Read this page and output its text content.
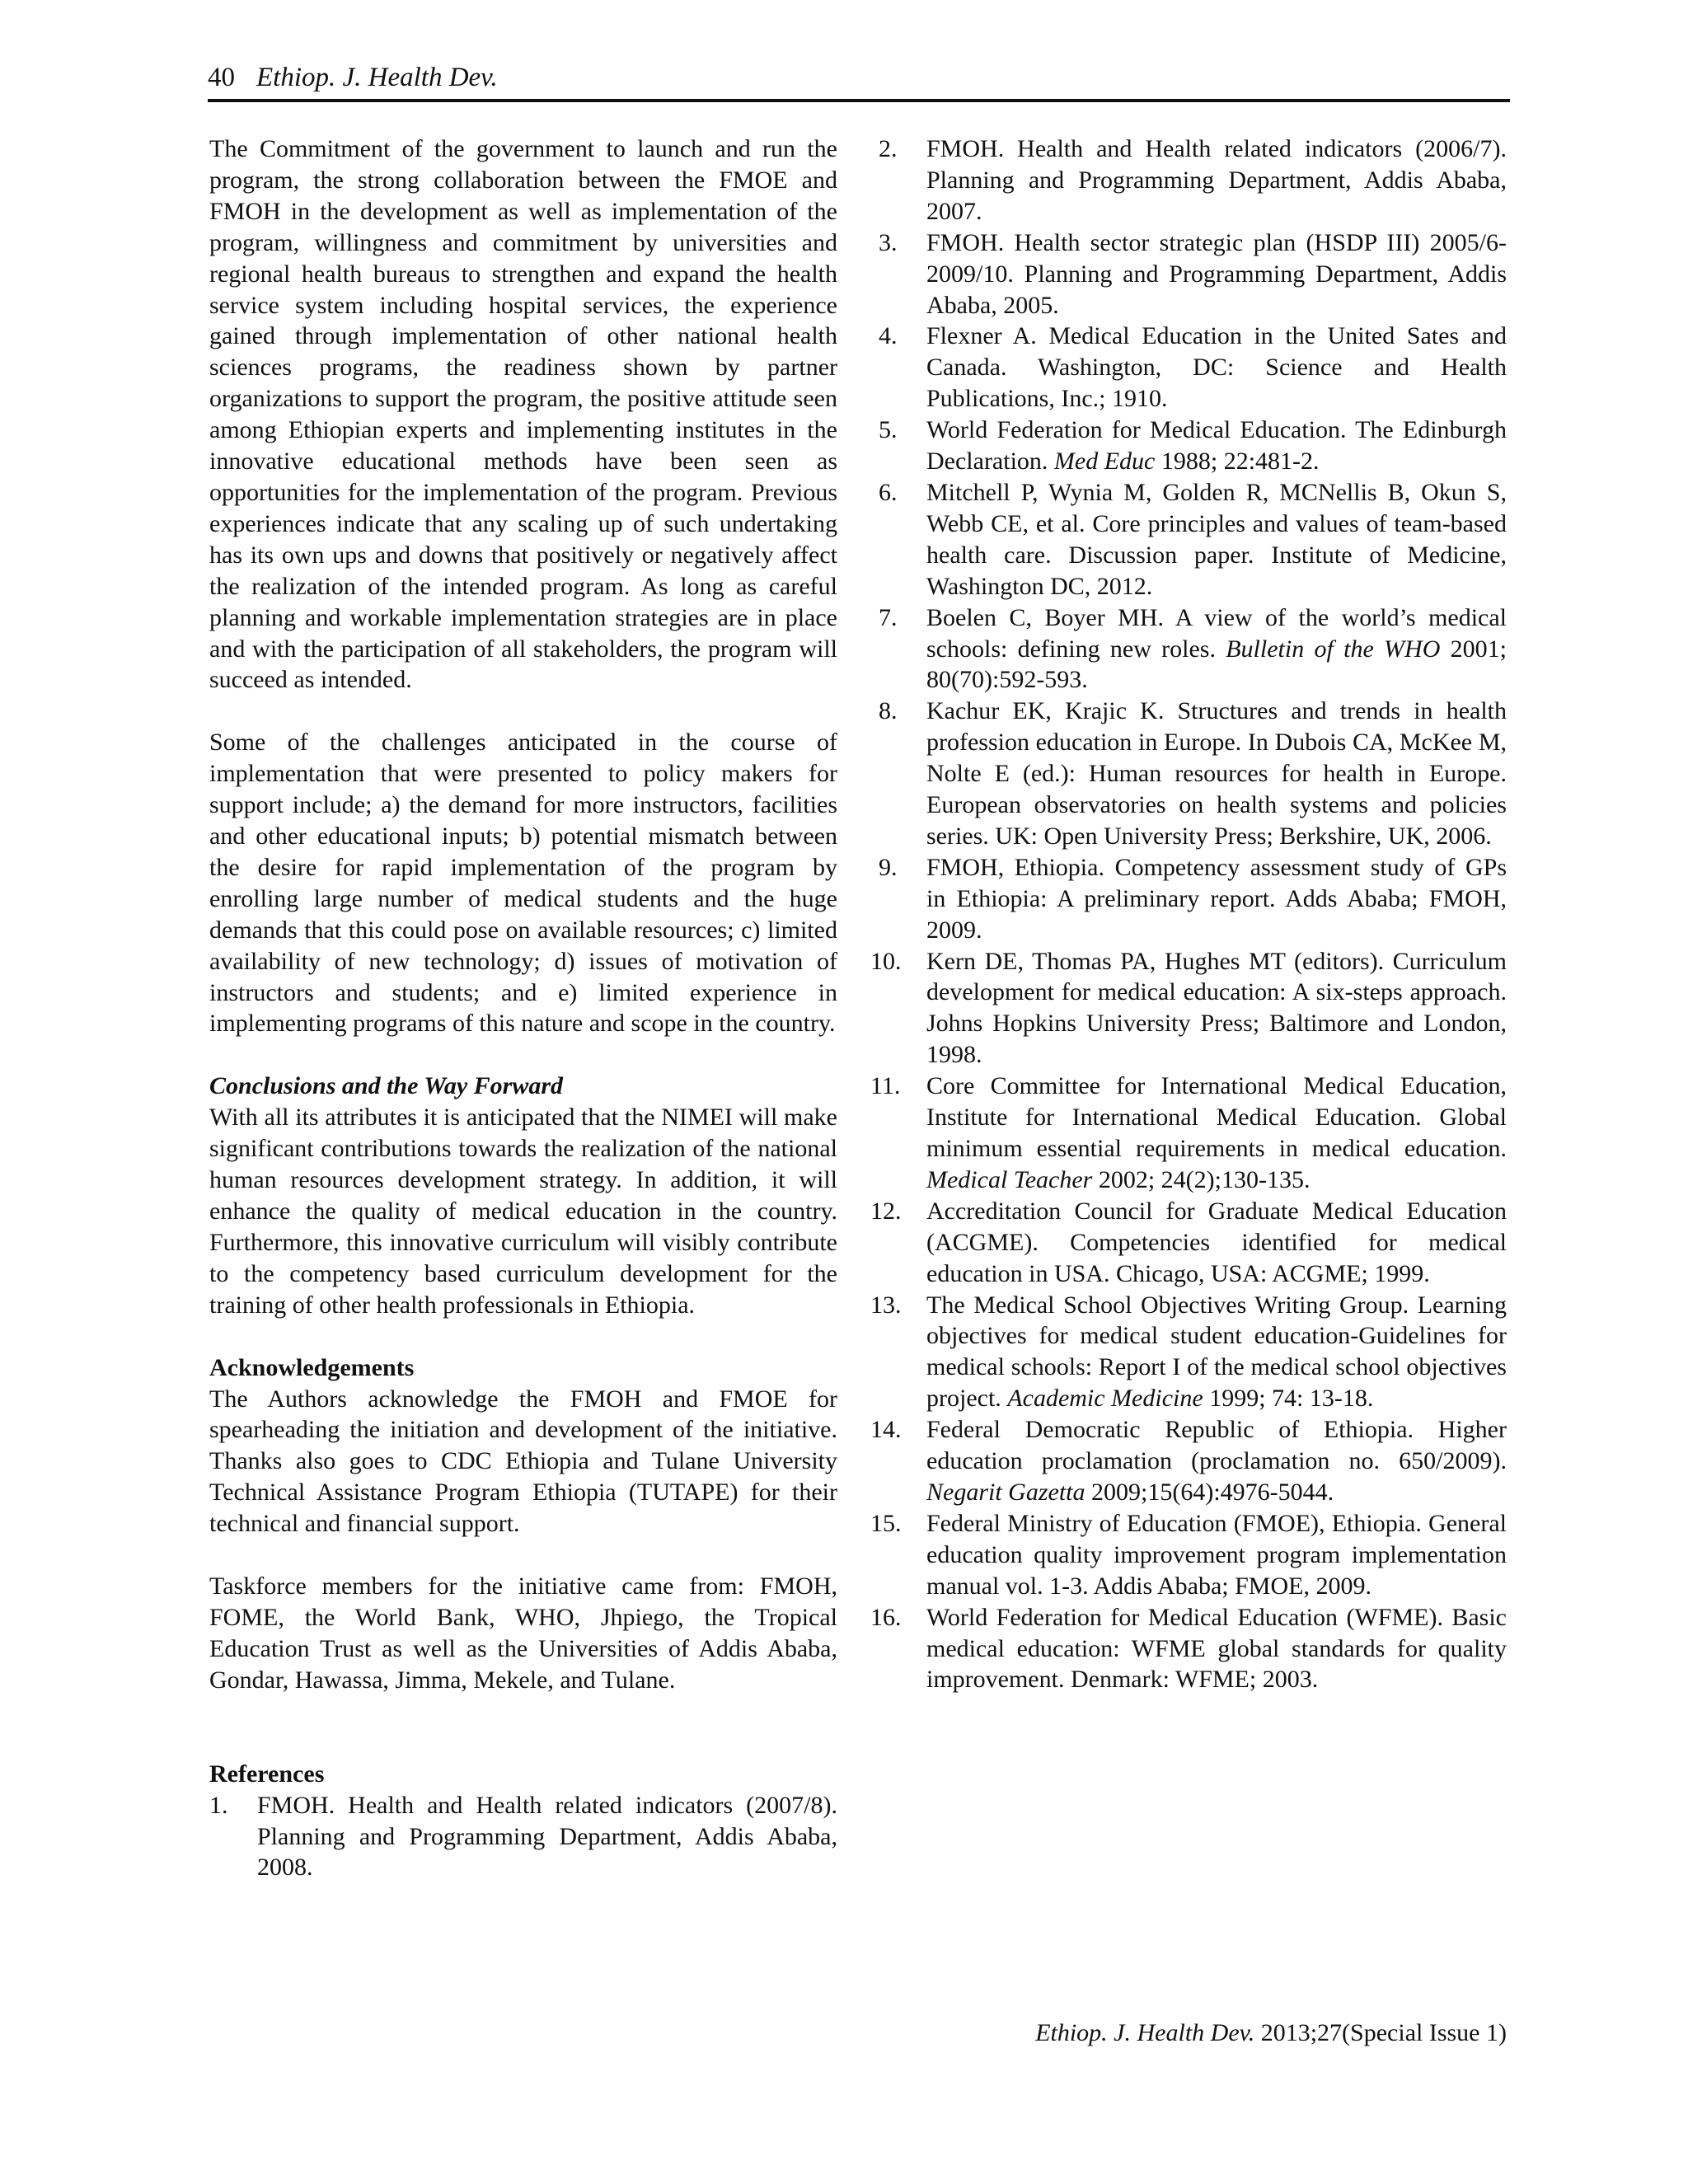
40 Ethiop. J. Health Dev.

The Commitment of the government to launch and run the program, the strong collaboration between the FMOE and FMOH in the development as well as implementation of the program, willingness and commitment by universities and regional health bureaus to strengthen and expand the health service system including hospital services, the experience gained through implementation of other national health sciences programs, the readiness shown by partner organizations to support the program, the positive attitude seen among Ethiopian experts and implementing institutes in the innovative educational methods have been seen as opportunities for the implementation of the program. Previous experiences indicate that any scaling up of such undertaking has its own ups and downs that positively or negatively affect the realization of the intended program. As long as careful planning and workable implementation strategies are in place and with the participation of all stakeholders, the program will succeed as intended.

Some of the challenges anticipated in the course of implementation that were presented to policy makers for support include; a) the demand for more instructors, facilities and other educational inputs; b) potential mismatch between the desire for rapid implementation of the program by enrolling large number of medical students and the huge demands that this could pose on available resources; c) limited availability of new technology; d) issues of motivation of instructors and students; and e) limited experience in implementing programs of this nature and scope in the country.

Conclusions and the Way Forward

With all its attributes it is anticipated that the NIMEI will make significant contributions towards the realization of the national human resources development strategy. In addition, it will enhance the quality of medical education in the country. Furthermore, this innovative curriculum will visibly contribute to the competency based curriculum development for the training of other health professionals in Ethiopia.

Acknowledgements

The Authors acknowledge the FMOH and FMOE for spearheading the initiation and development of the initiative. Thanks also goes to CDC Ethiopia and Tulane University Technical Assistance Program Ethiopia (TUTAPE) for their technical and financial support.

Taskforce members for the initiative came from: FMOH, FOME, the World Bank, WHO, Jhpiego, the Tropical Education Trust as well as the Universities of Addis Ababa, Gondar, Hawassa, Jimma, Mekele, and Tulane.

References
1.	FMOH. Health and Health related indicators (2007/8). Planning and Programming Department, Addis Ababa, 2008.
2.	FMOH. Health and Health related indicators (2006/7). Planning and Programming Department, Addis Ababa, 2007.
3.	FMOH. Health sector strategic plan (HSDP III) 2005/6-2009/10. Planning and Programming Department, Addis Ababa, 2005.
4.	Flexner A. Medical Education in the United Sates and Canada. Washington, DC: Science and Health Publications, Inc.; 1910.
5.	World Federation for Medical Education. The Edinburgh Declaration. Med Educ 1988; 22:481-2.
6.	Mitchell P, Wynia M, Golden R, MCNellis B, Okun S, Webb CE, et al. Core principles and values of team-based health care. Discussion paper. Institute of Medicine, Washington DC, 2012.
7.	Boelen C, Boyer MH. A view of the world’s medical schools: defining new roles. Bulletin of the WHO 2001; 80(70):592-593.
8.	Kachur EK, Krajic K. Structures and trends in health profession education in Europe. In Dubois CA, McKee M, Nolte E (ed.): Human resources for health in Europe. European observatories on health systems and policies series. UK: Open University Press; Berkshire, UK, 2006.
9.	FMOH, Ethiopia. Competency assessment study of GPs in Ethiopia: A preliminary report. Adds Ababa; FMOH, 2009.
10.	Kern DE, Thomas PA, Hughes MT (editors). Curriculum development for medical education: A six-steps approach. Johns Hopkins University Press; Baltimore and London, 1998.
11.	Core Committee for International Medical Education, Institute for International Medical Education. Global minimum essential requirements in medical education. Medical Teacher 2002; 24(2);130-135.
12.	Accreditation Council for Graduate Medical Education (ACGME). Competencies identified for medical education in USA. Chicago, USA: ACGME; 1999.
13.	The Medical School Objectives Writing Group. Learning objectives for medical student education-Guidelines for medical schools: Report I of the medical school objectives project. Academic Medicine 1999; 74: 13-18.
14.	Federal Democratic Republic of Ethiopia. Higher education proclamation (proclamation no. 650/2009). Negarit Gazetta 2009;15(64):4976-5044.
15.	Federal Ministry of Education (FMOE), Ethiopia. General education quality improvement program implementation manual vol. 1-3. Addis Ababa; FMOE, 2009.
16.	World Federation for Medical Education (WFME). Basic medical education: WFME global standards for quality improvement. Denmark: WFME; 2003.
Ethiop. J. Health Dev. 2013;27(Special Issue 1)
